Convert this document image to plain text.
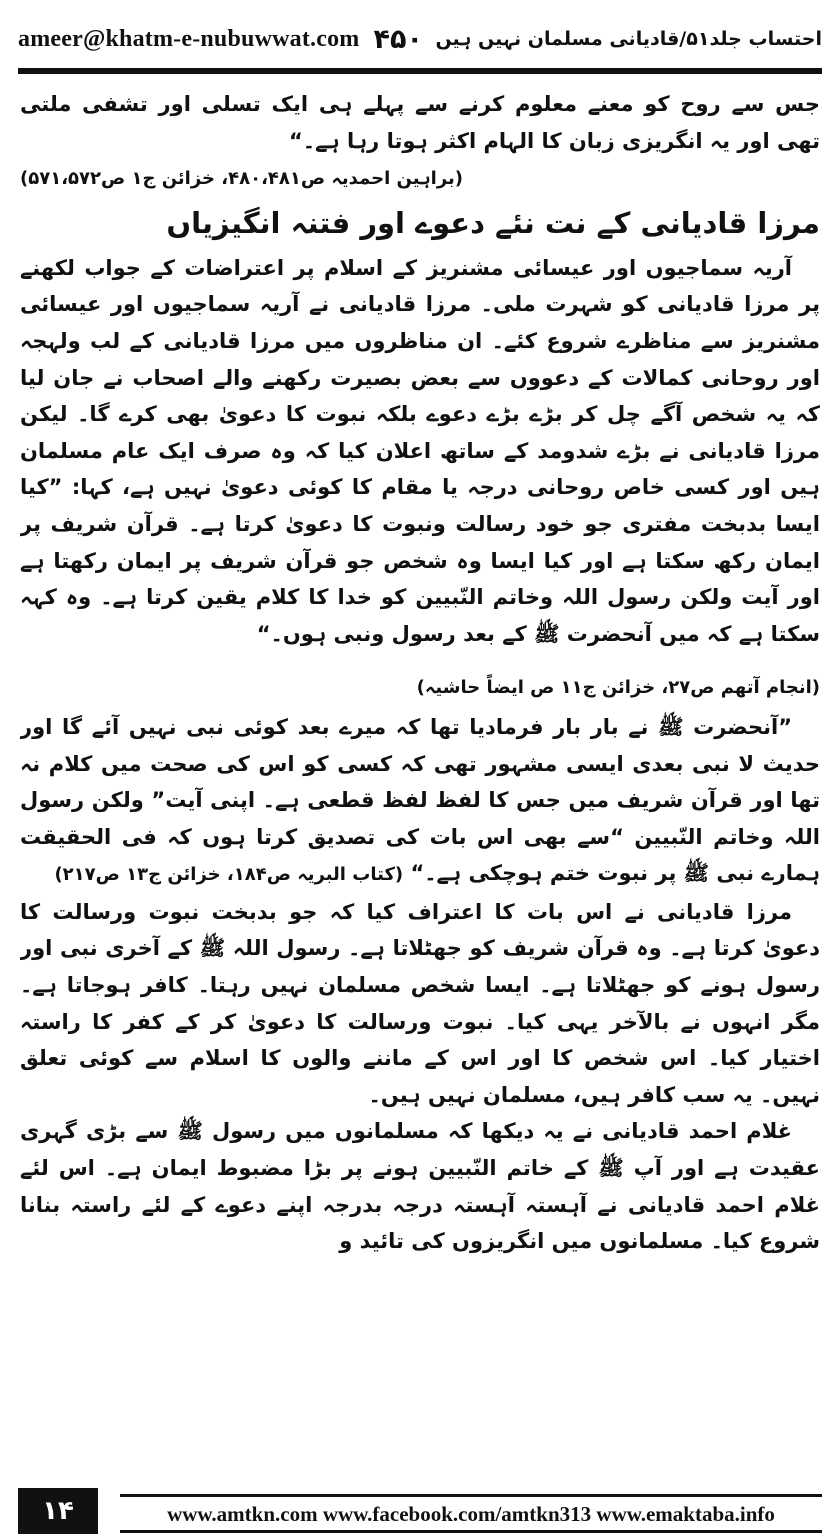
ameer@khatm-e-nubuwwat.com ۴۵۰ احتساب جلد۵۱/قادیانی مسلمان نہیں ہیں

جس سے روح کو معنے معلوم کرنے سے پہلے ہی ایک تسلی اور تشفی ملتی تھی اور یہ انگریزی زبان کا الہام اکثر ہوتا رہا ہے۔“
(براہین احمدیہ ص۴۸۰،۴۸۱، خزائن ج۱ ص۵۷۱،۵۷۲)

مرزا قادیانی کے نت نئے دعوے اور فتنہ انگیزیاں

آریہ سماجیوں اور عیسائی مشنریز کے اسلام پر اعتراضات کے جواب لکھنے پر مرزا قادیانی کو شہرت ملی۔ مرزا قادیانی نے آریہ سماجیوں اور عیسائی مشنریز سے مناظرے شروع کئے۔ ان مناظروں میں مرزا قادیانی کے لب ولہجہ اور روحانی کمالات کے دعووں سے بعض بصیرت رکھنے والے اصحاب نے جان لیا کہ یہ شخص آگے چل کر بڑے بڑے دعوے بلکہ نبوت کا دعویٰ بھی کرے گا۔ لیکن مرزا قادیانی نے بڑے شدومد کے ساتھ اعلان کیا کہ وہ صرف ایک عام مسلمان ہیں اور کسی خاص روحانی درجہ یا مقام کا کوئی دعویٰ نہیں ہے، کہا: ”کیا ایسا بدبخت مفتری جو خود رسالت ونبوت کا دعویٰ کرتا ہے۔ قرآن شریف پر ایمان رکھ سکتا ہے اور کیا ایسا وہ شخص جو قرآن شریف پر ایمان رکھتا ہے اور آیت ولکن رسول اللہ وخاتم النّبیین کو خدا کا کلام یقین کرتا ہے۔ وہ کہہ سکتا ہے کہ میں آنحضرت ﷺ کے بعد رسول ونبی ہوں۔“

(انجام آتھم ص۲۷، خزائن ج۱۱ ص ایضاً حاشیہ)

”آنحضرت ﷺ نے بار بار فرمادیا تھا کہ میرے بعد کوئی نبی نہیں آئے گا اور حدیث لا نبی بعدی ایسی مشہور تھی کہ کسی کو اس کی صحت میں کلام نہ تھا اور قرآن شریف میں جس کا لفظ لفظ قطعی ہے۔ اپنی آیت” ولکن رسول اللہ وخاتم النّبیین “سے بھی اس بات کی تصدیق کرتا ہوں کہ فی الحقیقت ہمارے نبی ﷺ پر نبوت ختم ہوچکی ہے۔“ (کتاب البریہ ص۱۸۴، خزائن ج۱۳ ص۲۱۷)

مرزا قادیانی نے اس بات کا اعتراف کیا کہ جو بدبخت نبوت ورسالت کا دعویٰ کرتا ہے۔ وہ قرآن شریف کو جھٹلاتا ہے۔ رسول اللہ ﷺ کے آخری نبی اور رسول ہونے کو جھٹلاتا ہے۔ ایسا شخص مسلمان نہیں رہتا۔ کافر ہوجاتا ہے۔ مگر انہوں نے بالآخر یہی کیا۔ نبوت ورسالت کا دعویٰ کر کے کفر کا راستہ اختیار کیا۔ اس شخص کا اور اس کے ماننے والوں کا اسلام سے کوئی تعلق نہیں۔ یہ سب کافر ہیں، مسلمان نہیں ہیں۔

غلام احمد قادیانی نے یہ دیکھا کہ مسلمانوں میں رسول ﷺ سے بڑی گہری عقیدت ہے اور آپ ﷺ کے خاتم النّبیین ہونے پر بڑا مضبوط ایمان ہے۔ اس لئے غلام احمد قادیانی نے آہستہ آہستہ درجہ بدرجہ اپنے دعوے کے لئے راستہ بنانا شروع کیا۔ مسلمانوں میں انگریزوں کی تائید و

۱۴	www.amtkn.com www.facebook.com/amtkn313 www.emaktaba.info
